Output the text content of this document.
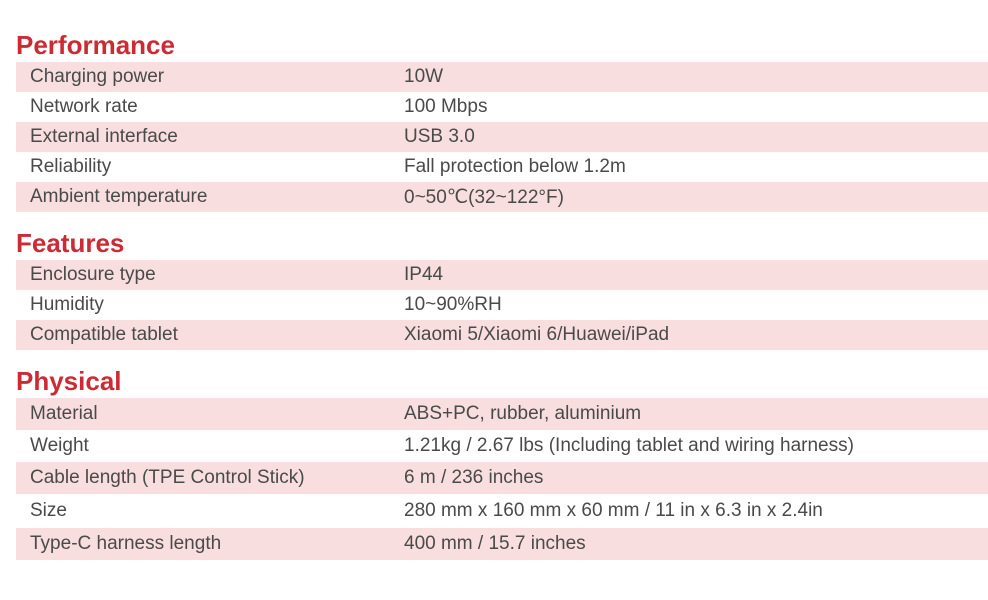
Performance
Charging power	10W
Network rate	100 Mbps
External interface	USB 3.0
Reliability	Fall protection below 1.2m
Ambient temperature	0~50℃(32~122°F)
Features
Enclosure type	IP44
Humidity	10~90%RH
Compatible tablet	Xiaomi 5/Xiaomi 6/Huawei/iPad
Physical
Material	ABS+PC, rubber, aluminium
Weight	1.21kg / 2.67 lbs (Including tablet and wiring harness)
Cable length (TPE Control Stick)	6 m / 236 inches
Size	280 mm x 160 mm x 60 mm / 11 in x 6.3 in x 2.4in
Type-C harness length	400 mm / 15.7 inches
